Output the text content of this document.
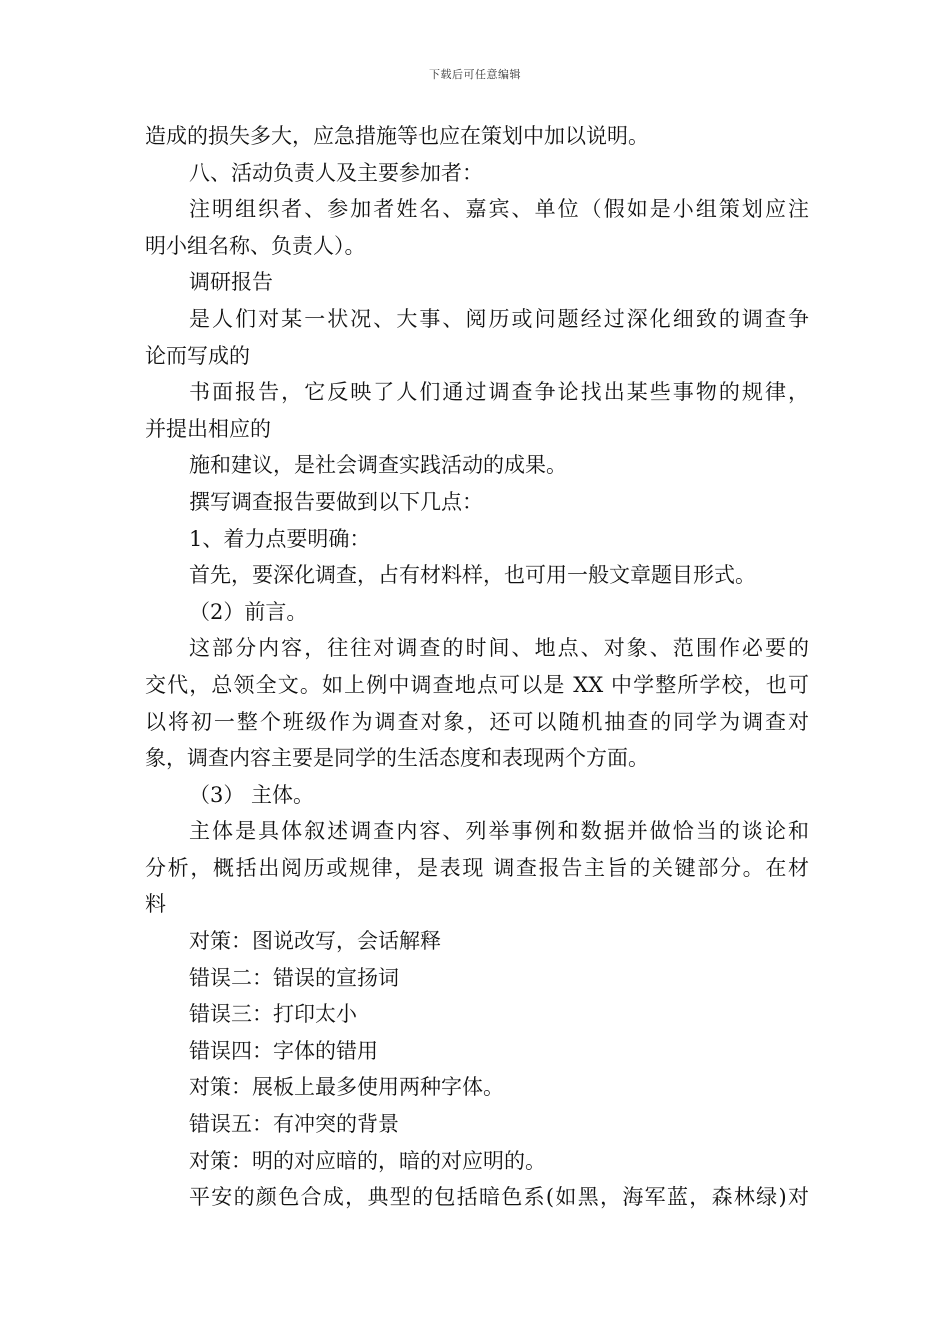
下载后可任意编辑
造成的损失多大，应急措施等也应在策划中加以说明。
八、活动负责人及主要参加者：
注明组织者、参加者姓名、嘉宾、单位（假如是小组策划应注
明小组名称、负责人）。
调研报告
是人们对某一状况、大事、阅历或问题经过深化细致的调查争
论而写成的
书面报告，它反映了人们通过调查争论找出某些事物的规律，
并提出相应的
施和建议，是社会调查实践活动的成果。
撰写调查报告要做到以下几点：
1、着力点要明确：
首先，要深化调查，占有材料样，也可用一般文章题目形式。
（2）前言。
这部分内容，往往对调查的时间、地点、对象、范围作必要的
交代，总领全文。如上例中调查地点可以是 XX 中学整所学校，也可
以将初一整个班级作为调查对象，还可以随机抽查的同学为调查对
象，调查内容主要是同学的生活态度和表现两个方面。
（3） 主体。
主体是具体叙述调查内容、列举事例和数据并做恰当的谈论和
分析，概括出阅历或规律，是表现 调查报告主旨的关键部分。在材
料
对策：图说改写，会话解释
错误二：错误的宣扬词
错误三：打印太小
错误四：字体的错用
对策：展板上最多使用两种字体。
错误五：有冲突的背景
对策：明的对应暗的，暗的对应明的。
平安的颜色合成，典型的包括暗色系(如黑，海军蓝，森林绿)对
